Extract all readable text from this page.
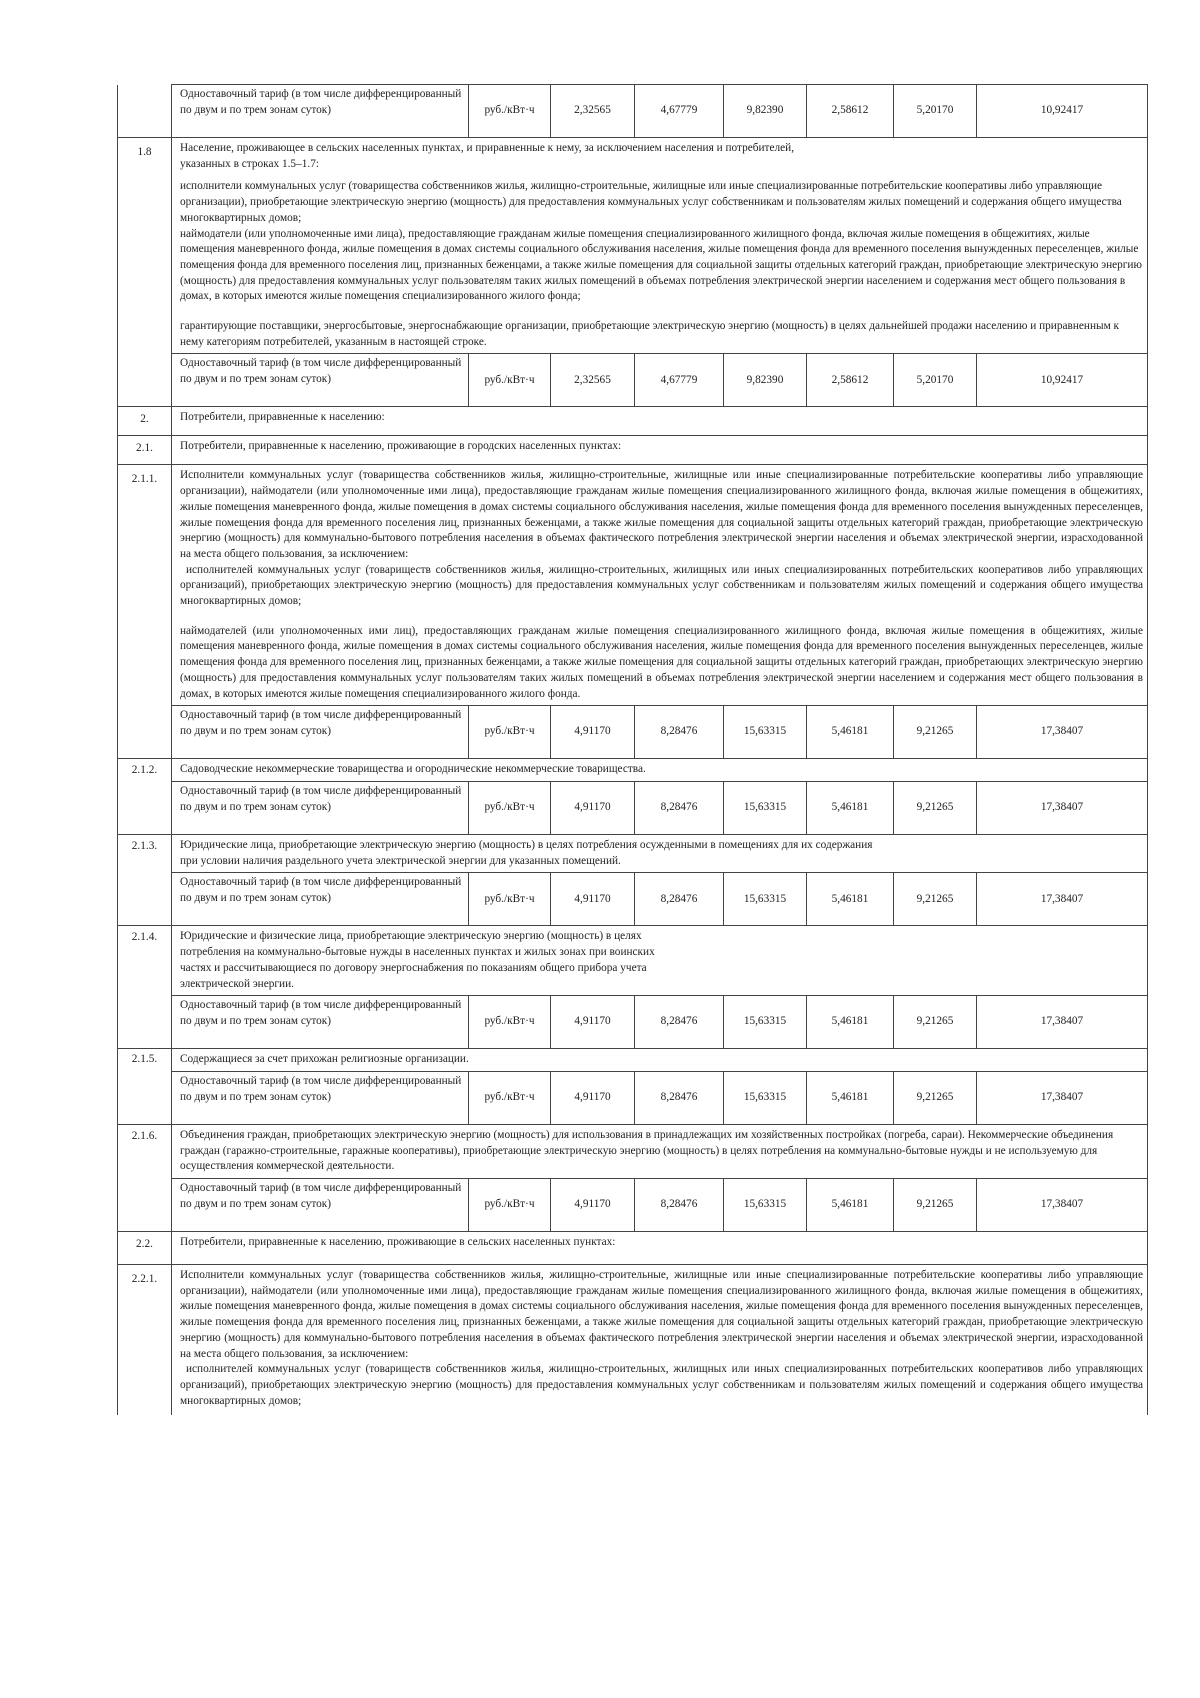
	Одноставочный тариф (в том числе дифференцированный по двум и по трем зонам суток)	руб./кВт·ч	2,32565	4,67779	9,82390	2,58612	5,20170	10,92417
1.8	Население, проживающее в сельских населенных пунктах, и приравненные к нему, за исключением населения и потребителей, указанных в строках 1.5–1.7:

исполнители коммунальных услуг (товарищества собственников жилья, жилищно-строительные, жилищные или иные специализированные потребительские кооперативы либо управляющие организации), приобретающие электрическую энергию (мощность) для предоставления коммунальных услуг собственникам и пользователям жилых помещений и содержания общего имущества многоквартирных домов;

наймодатели (или уполномоченные ими лица), предоставляющие гражданам жилые помещения специализированного жилищного фонда, включая жилые помещения в общежитиях, жилые помещения маневренного фонда, жилые помещения в домах системы социального обслуживания населения, жилые помещения фонда для временного поселения вынужденных переселенцев, жилые помещения фонда для временного поселения лиц, признанных беженцами, а также жилые помещения для социальной защиты отдельных категорий граждан, приобретающие электрическую энергию (мощность) для предоставления коммунальных услуг пользователям таких жилых помещений в объемах потребления электрической энергии населением и содержания мест общего пользования в домах, в которых имеются жилые помещения специализированного жилого фонда;

гарантирующие поставщики, энергосбытовые, энергоснабжающие организации, приобретающие электрическую энергию (мощность) в целях дальнейшей продажи населению и приравненным к нему категориям потребителей, указанным в настоящей строке.							

	Одноставочный тариф (в том числе дифференцированный по двум и по трем зонам суток)	руб./кВт·ч	2,32565	4,67779	9,82390	2,58612	5,20170	10,92417
2.	Потребители, приравненные к населению:							
2.1.	Потребители, приравненные к населению, проживающие в городских населенных пунктах:							
2.1.1.	Исполнители коммунальных услуг (товарищества собственников жилья, жилищно-строительные, жилищные или иные специализированные потребительские кооперативы либо управляющие организации), наймодатели (или уполномоченные ими лица), предоставляющие гражданам жилые помещения специализированного жилищного фонда, включая жилые помещения в общежитиях, жилые помещения маневренного фонда, жилые помещения в домах системы социального обслуживания населения, жилые помещения фонда для временного поселения вынужденных переселенцев, жилые помещения фонда для временного поселения лиц, признанных беженцами, а также жилые помещения для социальной защиты отдельных категорий граждан, приобретающие электрическую энергию (мощность) для коммунально-бытового потребления населения в объемах фактического потребления электрической энергии населения и объемах электрической энергии, израсходованной на места общего пользования, за исключением:

исполнителей коммунальных услуг (товариществ собственников жилья, жилищно-строительных, жилищных или иных специализированных потребительских кооперативов либо управляющих организаций), приобретающих электрическую энергию (мощность) для предоставления коммунальных услуг собственникам и пользователям жилых помещений и содержания общего имущества многоквартирных домов;

наймодателей (или уполномоченных ими лиц), предоставляющих гражданам жилые помещения специализированного жилищного фонда, включая жилые помещения в общежитиях, жилые помещения маневренного фонда, жилые помещения в домах системы социального обслуживания населения, жилые помещения фонда для временного поселения вынужденных переселенцев, жилые помещения фонда для временного поселения лиц, признанных беженцами, а также жилые помещения для социальной защиты отдельных категорий граждан, приобретающих электрическую энергию (мощность) для предоставления коммунальных услуг пользователям таких жилых помещений в объемах потребления электрической энергии населением и содержания мест общего пользования в домах, в которых имеются жилые помещения специализированного жилого фонда.							

	Одноставочный тариф (в том числе дифференцированный по двум и по трем зонам суток)	руб./кВт·ч	4,91170	8,28476	15,63315	5,46181	9,21265	17,38407
2.1.2.	Садоводческие некоммерческие товарищества и огороднические некоммерческие товарищества.							
	Одноставочный тариф (в том числе дифференцированный по двум и по трем зонам суток)	руб./кВт·ч	4,91170	8,28476	15,63315	5,46181	9,21265	17,38407
2.1.3.	Юридические лица, приобретающие электрическую энергию (мощность) в целях потребления осужденными в помещениях для их содержания при условии наличия раздельного учета электрической энергии для указанных помещений.							
	Одноставочный тариф (в том числе дифференцированный по двум и по трем зонам суток)	руб./кВт·ч	4,91170	8,28476	15,63315	5,46181	9,21265	17,38407
2.1.4.	Юридические и физические лица, приобретающие электрическую энергию (мощность) в целях потребления на коммунально-бытовые нужды в населенных пунктах и жилых зонах при воинских частях и рассчитывающиеся по договору энергоснабжения по показаниям общего прибора учета электрической энергии.							
	Одноставочный тариф (в том числе дифференцированный по двум и по трем зонам суток)	руб./кВт·ч	4,91170	8,28476	15,63315	5,46181	9,21265	17,38407
2.1.5.	Содержащиеся за счет прихожан религиозные организации.							
	Одноставочный тариф (в том числе дифференцированный по двум и по трем зонам суток)	руб./кВт·ч	4,91170	8,28476	15,63315	5,46181	9,21265	17,38407
2.1.6.	Объединения граждан, приобретающих электрическую энергию (мощность) для использования в принадлежащих им хозяйственных постройках (погреба, сараи). Некоммерческие объединения граждан (гаражно-строительные, гаражные кооперативы), приобретающие электрическую энергию (мощность) в целях потребления на коммунально-бытовые нужды и не используемую для осуществления коммерческой деятельности.							
	Одноставочный тариф (в том числе дифференцированный по двум и по трем зонам суток)	руб./кВт·ч	4,91170	8,28476	15,63315	5,46181	9,21265	17,38407
2.2.	Потребители, приравненные к населению, проживающие в сельских населенных пунктах:							
2.2.1.	Исполнители коммунальных услуг (товарищества собственников жилья, жилищно-строительные, жилищные или иные специализированные потребительские кооперативы либо управляющие организации), наймодатели (или уполномоченные ими лица), предоставляющие гражданам жилые помещения специализированного жилищного фонда, включая жилые помещения в общежитиях, жилые помещения маневренного фонда, жилые помещения в домах системы социального обслуживания населения, жилые помещения фонда для временного поселения вынужденных переселенцев, жилые помещения фонда для временного поселения лиц, признанных беженцами, а также жилые помещения для социальной защиты отдельных категорий граждан, приобретающие электрическую энергию (мощность) для коммунально-бытового потребления населения в объемах фактического потребления электрической энергии населения и объемах электрической энергии, израсходованной на места общего пользования, за исключением:

исполнителей коммунальных услуг (товариществ собственников жилья, жилищно-строительных, жилищных или иных специализированных потребительских кооперативов либо управляющих организаций), приобретающих электрическую энергию (мощность) для предоставления коммунальных услуг собственникам и пользователям жилых помещений и содержания общего имущества многоквартирных домов;							
